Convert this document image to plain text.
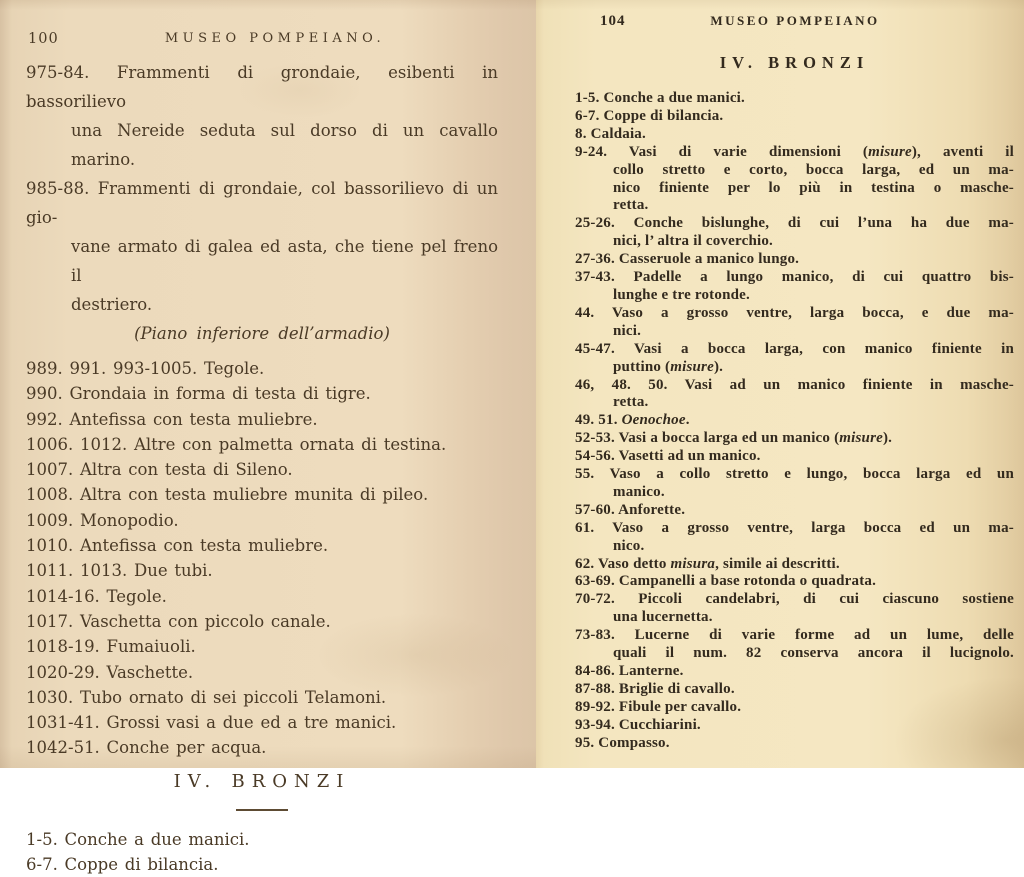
100	MUSEO POMPEIANO.
975-84. Frammenti di grondaie, esibenti in bassorilievo
una Nereide seduta sul dorso di un cavallo marino.
985-88. Frammenti di grondaie, col bassorilievo di un gio-
vane armato di galea ed asta, che tiene pel freno il
destriero.
(Piano inferiore dell’armadio)
989. 991. 993-1005. Tegole.
990. Grondaia in forma di testa di tigre.
992. Antefissa con testa muliebre.
1006. 1012. Altre con palmetta ornata di testina.
1007. Altra con testa di Sileno.
1008. Altra con testa muliebre munita di pileo.
1009. Monopodio.
1010. Antefissa con testa muliebre.
1011. 1013. Due tubi.
1014-16. Tegole.
1017. Vaschetta con piccolo canale.
1018-19. Fumaiuoli.
1020-29. Vaschette.
1030. Tubo ornato di sei piccoli Telamoni.
1031-41. Grossi vasi a due ed a tre manici.
1042-51. Conche per acqua.
IV. BRONZI
1-5. Conche a due manici.
6-7. Coppe di bilancia.
104	MUSEO POMPEIANO
IV. BRONZI
1-5. Conche a due manici.
6-7. Coppe di bilancia.
8. Caldaia.
9-24. Vasi di varie dimensioni (misure), aventi il
collo stretto e corto, bocca larga, ed un ma-
nico finiente per lo più in testina o masche-
retta.
25-26. Conche bislunghe, di cui l’una ha due ma-
nici, l’ altra il coverchio.
27-36. Casseruole a manico lungo.
37-43. Padelle a lungo manico, di cui quattro bis-
lunghe e tre rotonde.
44. Vaso a grosso ventre, larga bocca, e due ma-
nici.
45-47. Vasi a bocca larga, con manico finiente in
puttino (misure).
46, 48. 50. Vasi ad un manico finiente in masche-
retta.
49. 51. Oenochoe.
52-53. Vasi a bocca larga ed un manico (misure).
54-56. Vasetti ad un manico.
55. Vaso a collo stretto e lungo, bocca larga ed un
manico.
57-60. Anforette.
61. Vaso a grosso ventre, larga bocca ed un ma-
nico.
62. Vaso detto misura, simile ai descritti.
63-69. Campanelli a base rotonda o quadrata.
70-72. Piccoli candelabri, di cui ciascuno sostiene
una lucernetta.
73-83. Lucerne di varie forme ad un lume, delle
quali il num. 82 conserva ancora il lucignolo.
84-86. Lanterne.
87-88. Briglie di cavallo.
89-92. Fibule per cavallo.
93-94. Cucchiarini.
95. Compasso.
